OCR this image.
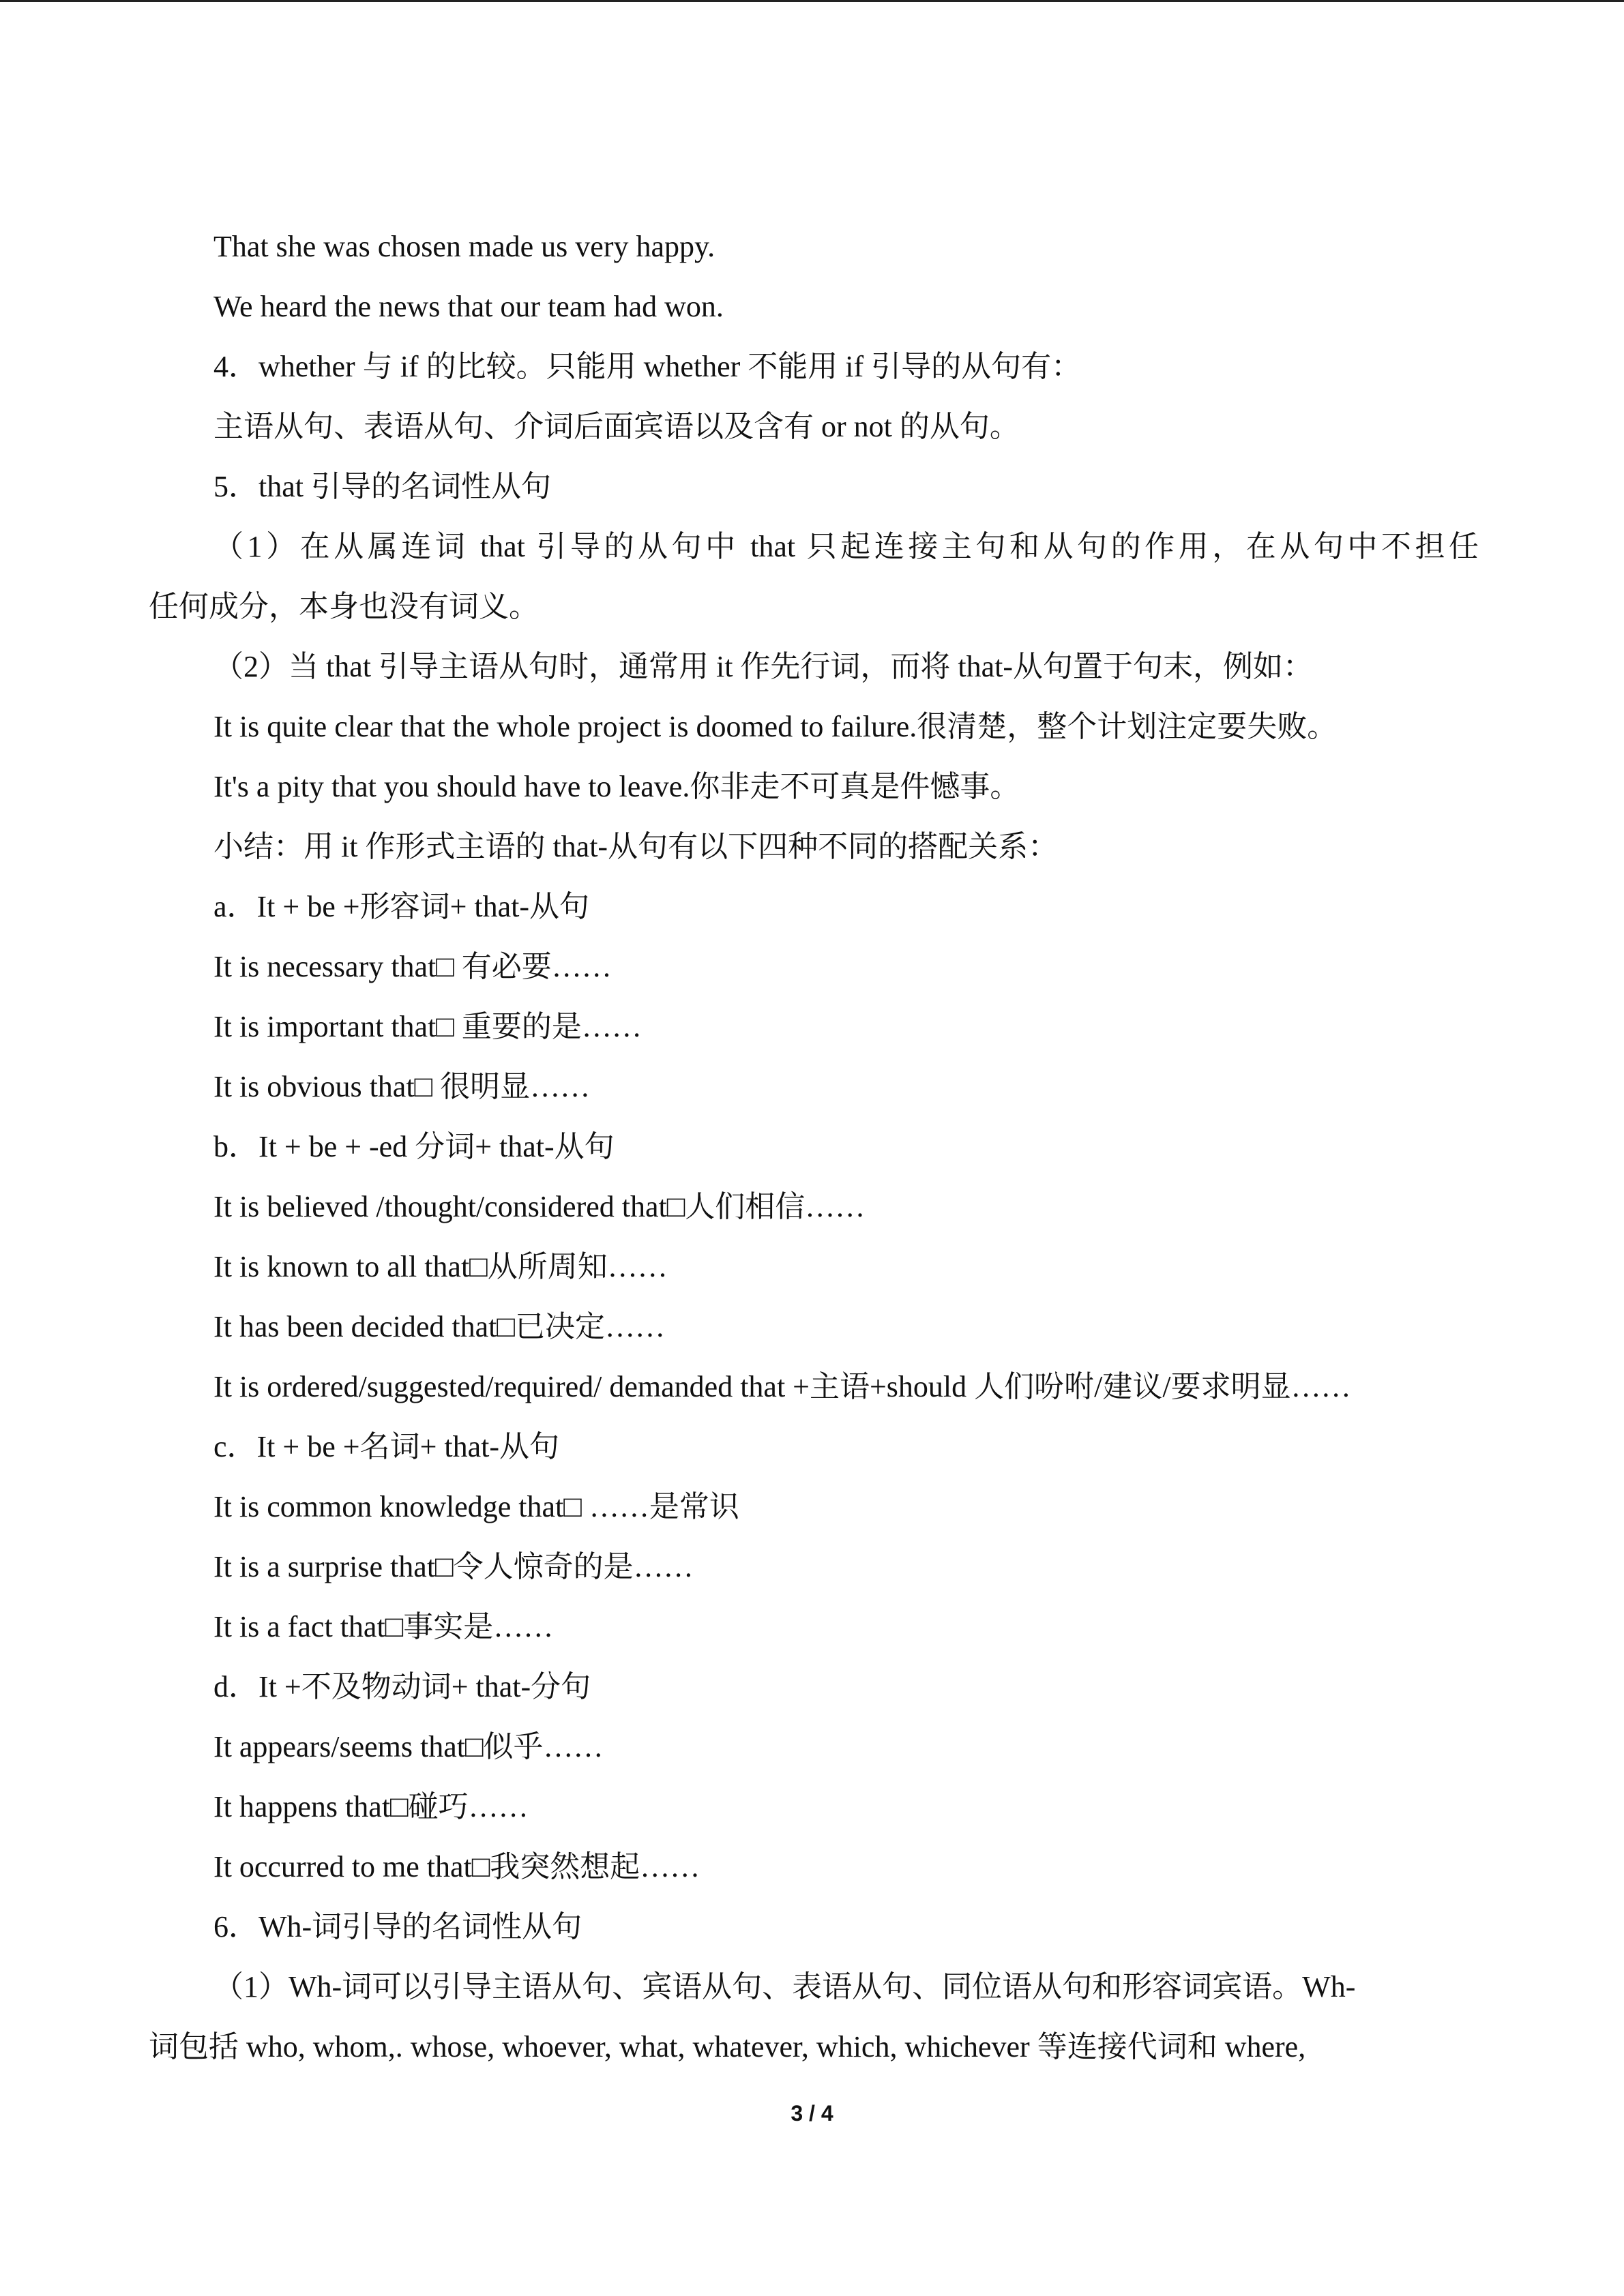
That she was chosen made us very happy.
We heard the news that our team had won.
4．whether 与 if 的比较。只能用 whether 不能用 if 引导的从句有：
主语从句、表语从句、介词后面宾语以及含有 or not 的从句。
5．that 引导的名词性从句
（1）在从属连词 that 引导的从句中 that 只起连接主句和从句的作用，在从句中不担任
任何成分，本身也没有词义。
（2）当 that 引导主语从句时，通常用 it 作先行词，而将 that-从句置于句末，例如：
It is quite clear that the whole project is doomed to failure.很清楚，整个计划注定要失败。
It's a pity that you should have to leave.你非走不可真是件憾事。
小结：用 it 作形式主语的 that-从句有以下四种不同的搭配关系：
a．It + be +形容词+ that-从句
It is necessary that□ 有必要……
It is important that□ 重要的是……
It is obvious that□ 很明显……
b．It + be + -ed 分词+ that-从句
It is believed /thought/considered that□人们相信……
It is known to all that□从所周知……
It has been decided that□已决定……
It is ordered/suggested/required/ demanded that +主语+should 人们吩咐/建议/要求明显……
c．It + be +名词+ that-从句
It is common knowledge that□ ……是常识
It is a surprise that□令人惊奇的是……
It is a fact that□事实是……
d．It +不及物动词+ that-分句
It appears/seems that□似乎……
It happens that□碰巧……
It occurred to me that□我突然想起……
6．Wh-词引导的名词性从句
（1）Wh-词可以引导主语从句、宾语从句、表语从句、同位语从句和形容词宾语。Wh-
词包括 who, whom,. whose, whoever, what, whatever, which, whichever 等连接代词和 where,
3 / 4
